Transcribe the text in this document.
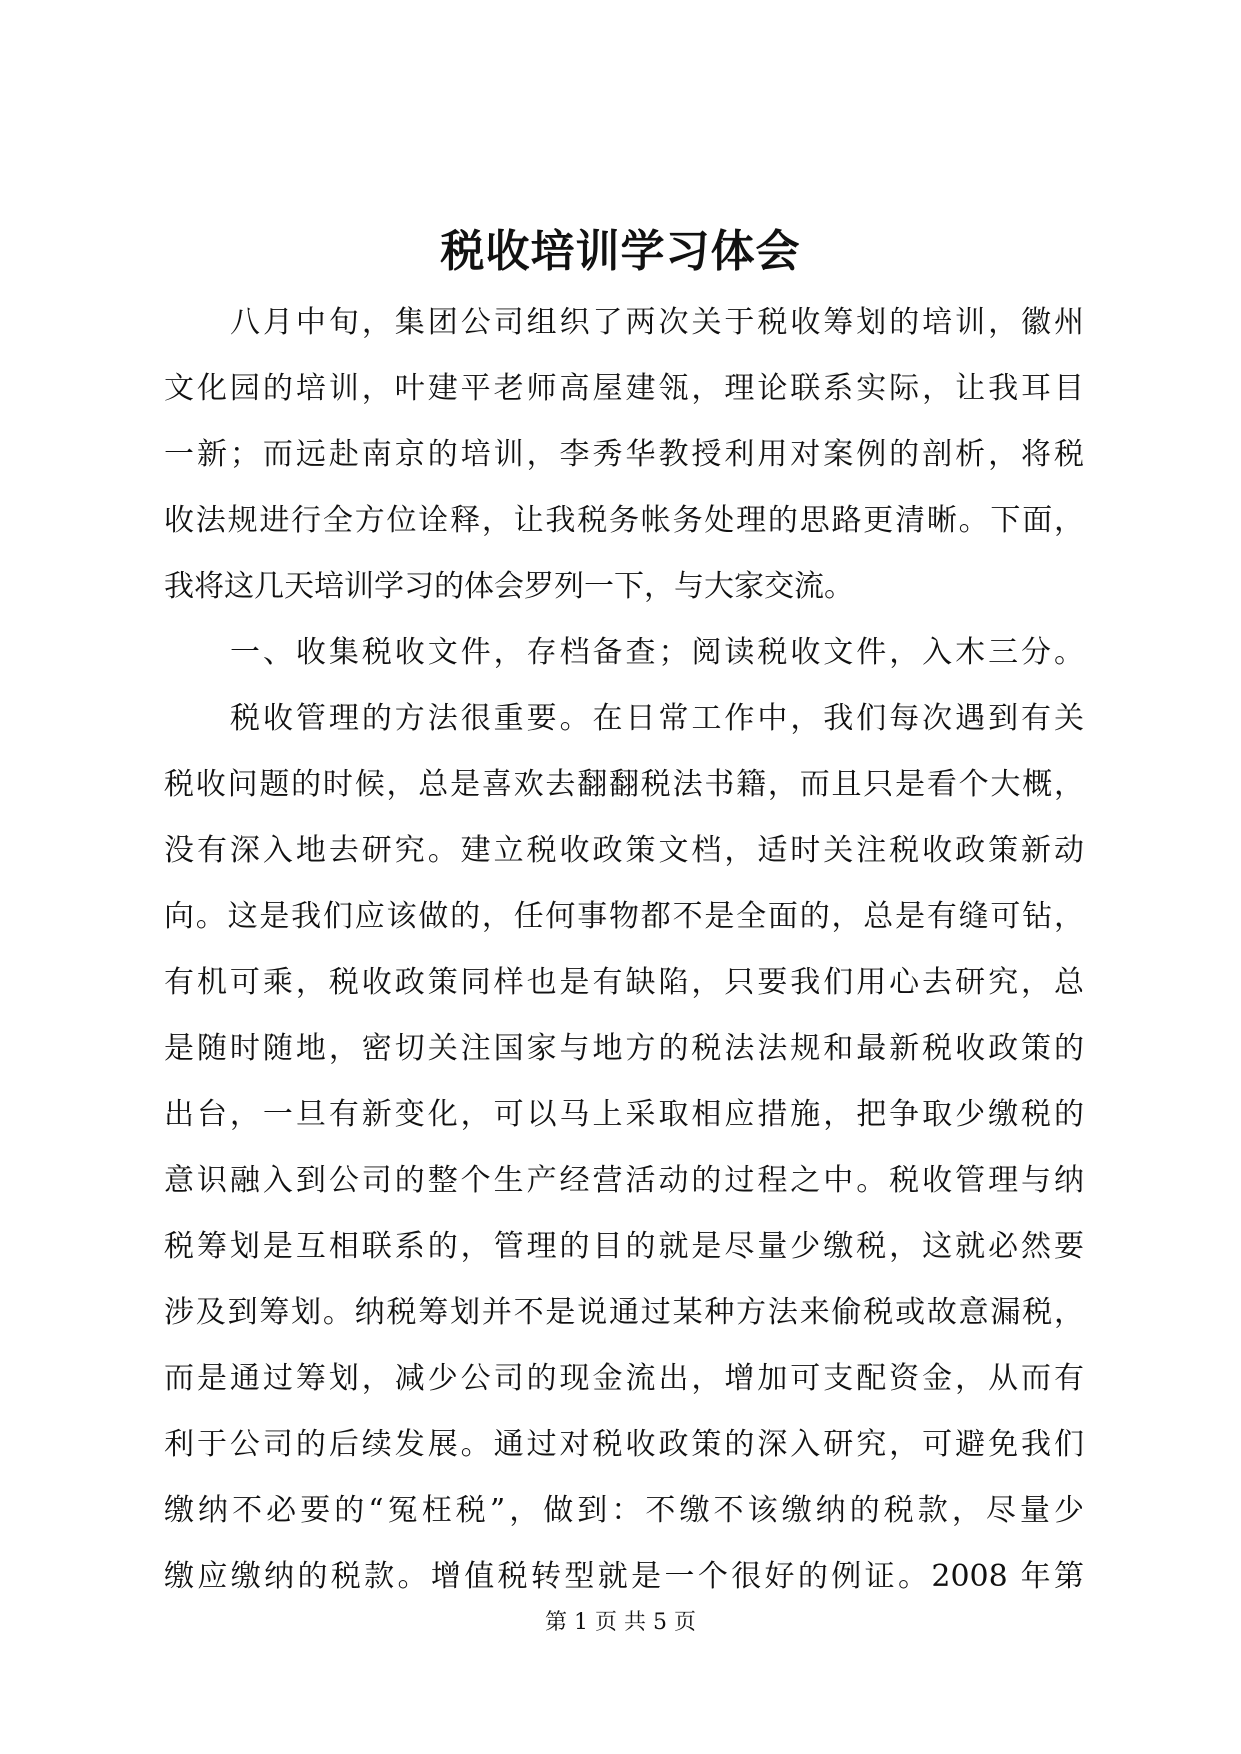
税收培训学习体会
八月中旬，集团公司组织了两次关于税收筹划的培训，徽州
文化园的培训，叶建平老师高屋建瓴，理论联系实际，让我耳目
一新；而远赴南京的培训，李秀华教授利用对案例的剖析，将税
收法规进行全方位诠释，让我税务帐务处理的思路更清晰。下面，
我将这几天培训学习的体会罗列一下，与大家交流。
一、收集税收文件，存档备查；阅读税收文件，入木三分。
税收管理的方法很重要。在日常工作中，我们每次遇到有关
税收问题的时候，总是喜欢去翻翻税法书籍，而且只是看个大概，
没有深入地去研究。建立税收政策文档，适时关注税收政策新动
向。这是我们应该做的，任何事物都不是全面的，总是有缝可钻，
有机可乘，税收政策同样也是有缺陷，只要我们用心去研究，总
是随时随地，密切关注国家与地方的税法法规和最新税收政策的
出台，一旦有新变化，可以马上采取相应措施，把争取少缴税的
意识融入到公司的整个生产经营活动的过程之中。税收管理与纳
税筹划是互相联系的，管理的目的就是尽量少缴税，这就必然要
涉及到筹划。纳税筹划并不是说通过某种方法来偷税或故意漏税，
而是通过筹划，减少公司的现金流出，增加可支配资金，从而有
利于公司的后续发展。通过对税收政策的深入研究，可避免我们
缴纳不必要的“冤枉税”，做到：不缴不该缴纳的税款，尽量少
缴应缴纳的税款。增值税转型就是一个很好的例证。2008 年第
第 1 页 共 5 页
